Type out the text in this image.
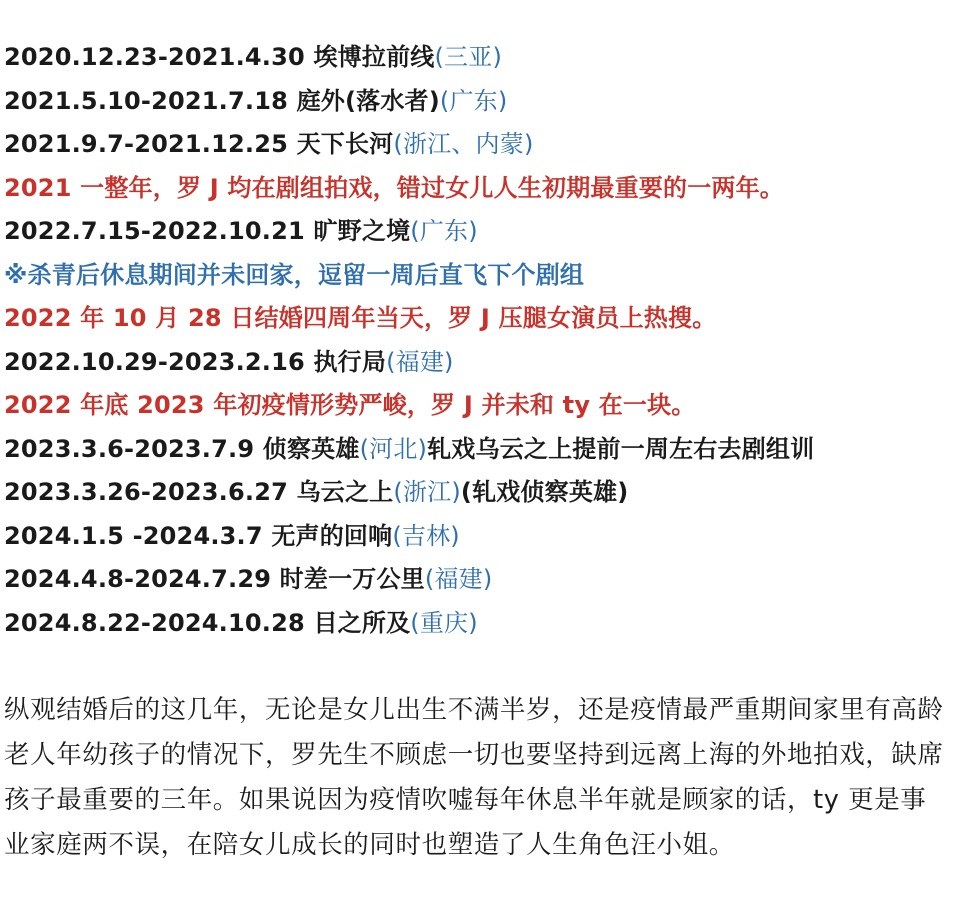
2020.12.23-2021.4.30 埃博拉前线(三亚)
2021.5.10-2021.7.18 庭外(落水者)(广东)
2021.9.7-2021.12.25 天下长河(浙江、内蒙)
2021 一整年，罗 J 均在剧组拍戏，错过女儿人生初期最重要的一两年。
2022.7.15-2022.10.21 旷野之境(广东)
※杀青后休息期间并未回家，逗留一周后直飞下个剧组
2022 年 10 月 28 日结婚四周年当天，罗 J 压腿女演员上热搜。
2022.10.29-2023.2.16 执行局(福建)
2022 年底 2023 年初疫情形势严峻，罗 J 并未和 ty 在一块。
2023.3.6-2023.7.9 侦察英雄(河北)轧戏乌云之上提前一周左右去剧组训
2023.3.26-2023.6.27 乌云之上(浙江)(轧戏侦察英雄)
2024.1.5 -2024.3.7 无声的回响(吉林)
2024.4.8-2024.7.29 时差一万公里(福建)
2024.8.22-2024.10.28 目之所及(重庆)
纵观结婚后的这几年，无论是女儿出生不满半岁，还是疫情最严重期间家里有高龄老人年幼孩子的情况下，罗先生不顾虑一切也要坚持到远离上海的外地拍戏，缺席孩子最重要的三年。如果说因为疫情吹嘘每年休息半年就是顾家的话，ty 更是事业家庭两不误，在陪女儿成长的同时也塑造了人生角色汪小姐。
